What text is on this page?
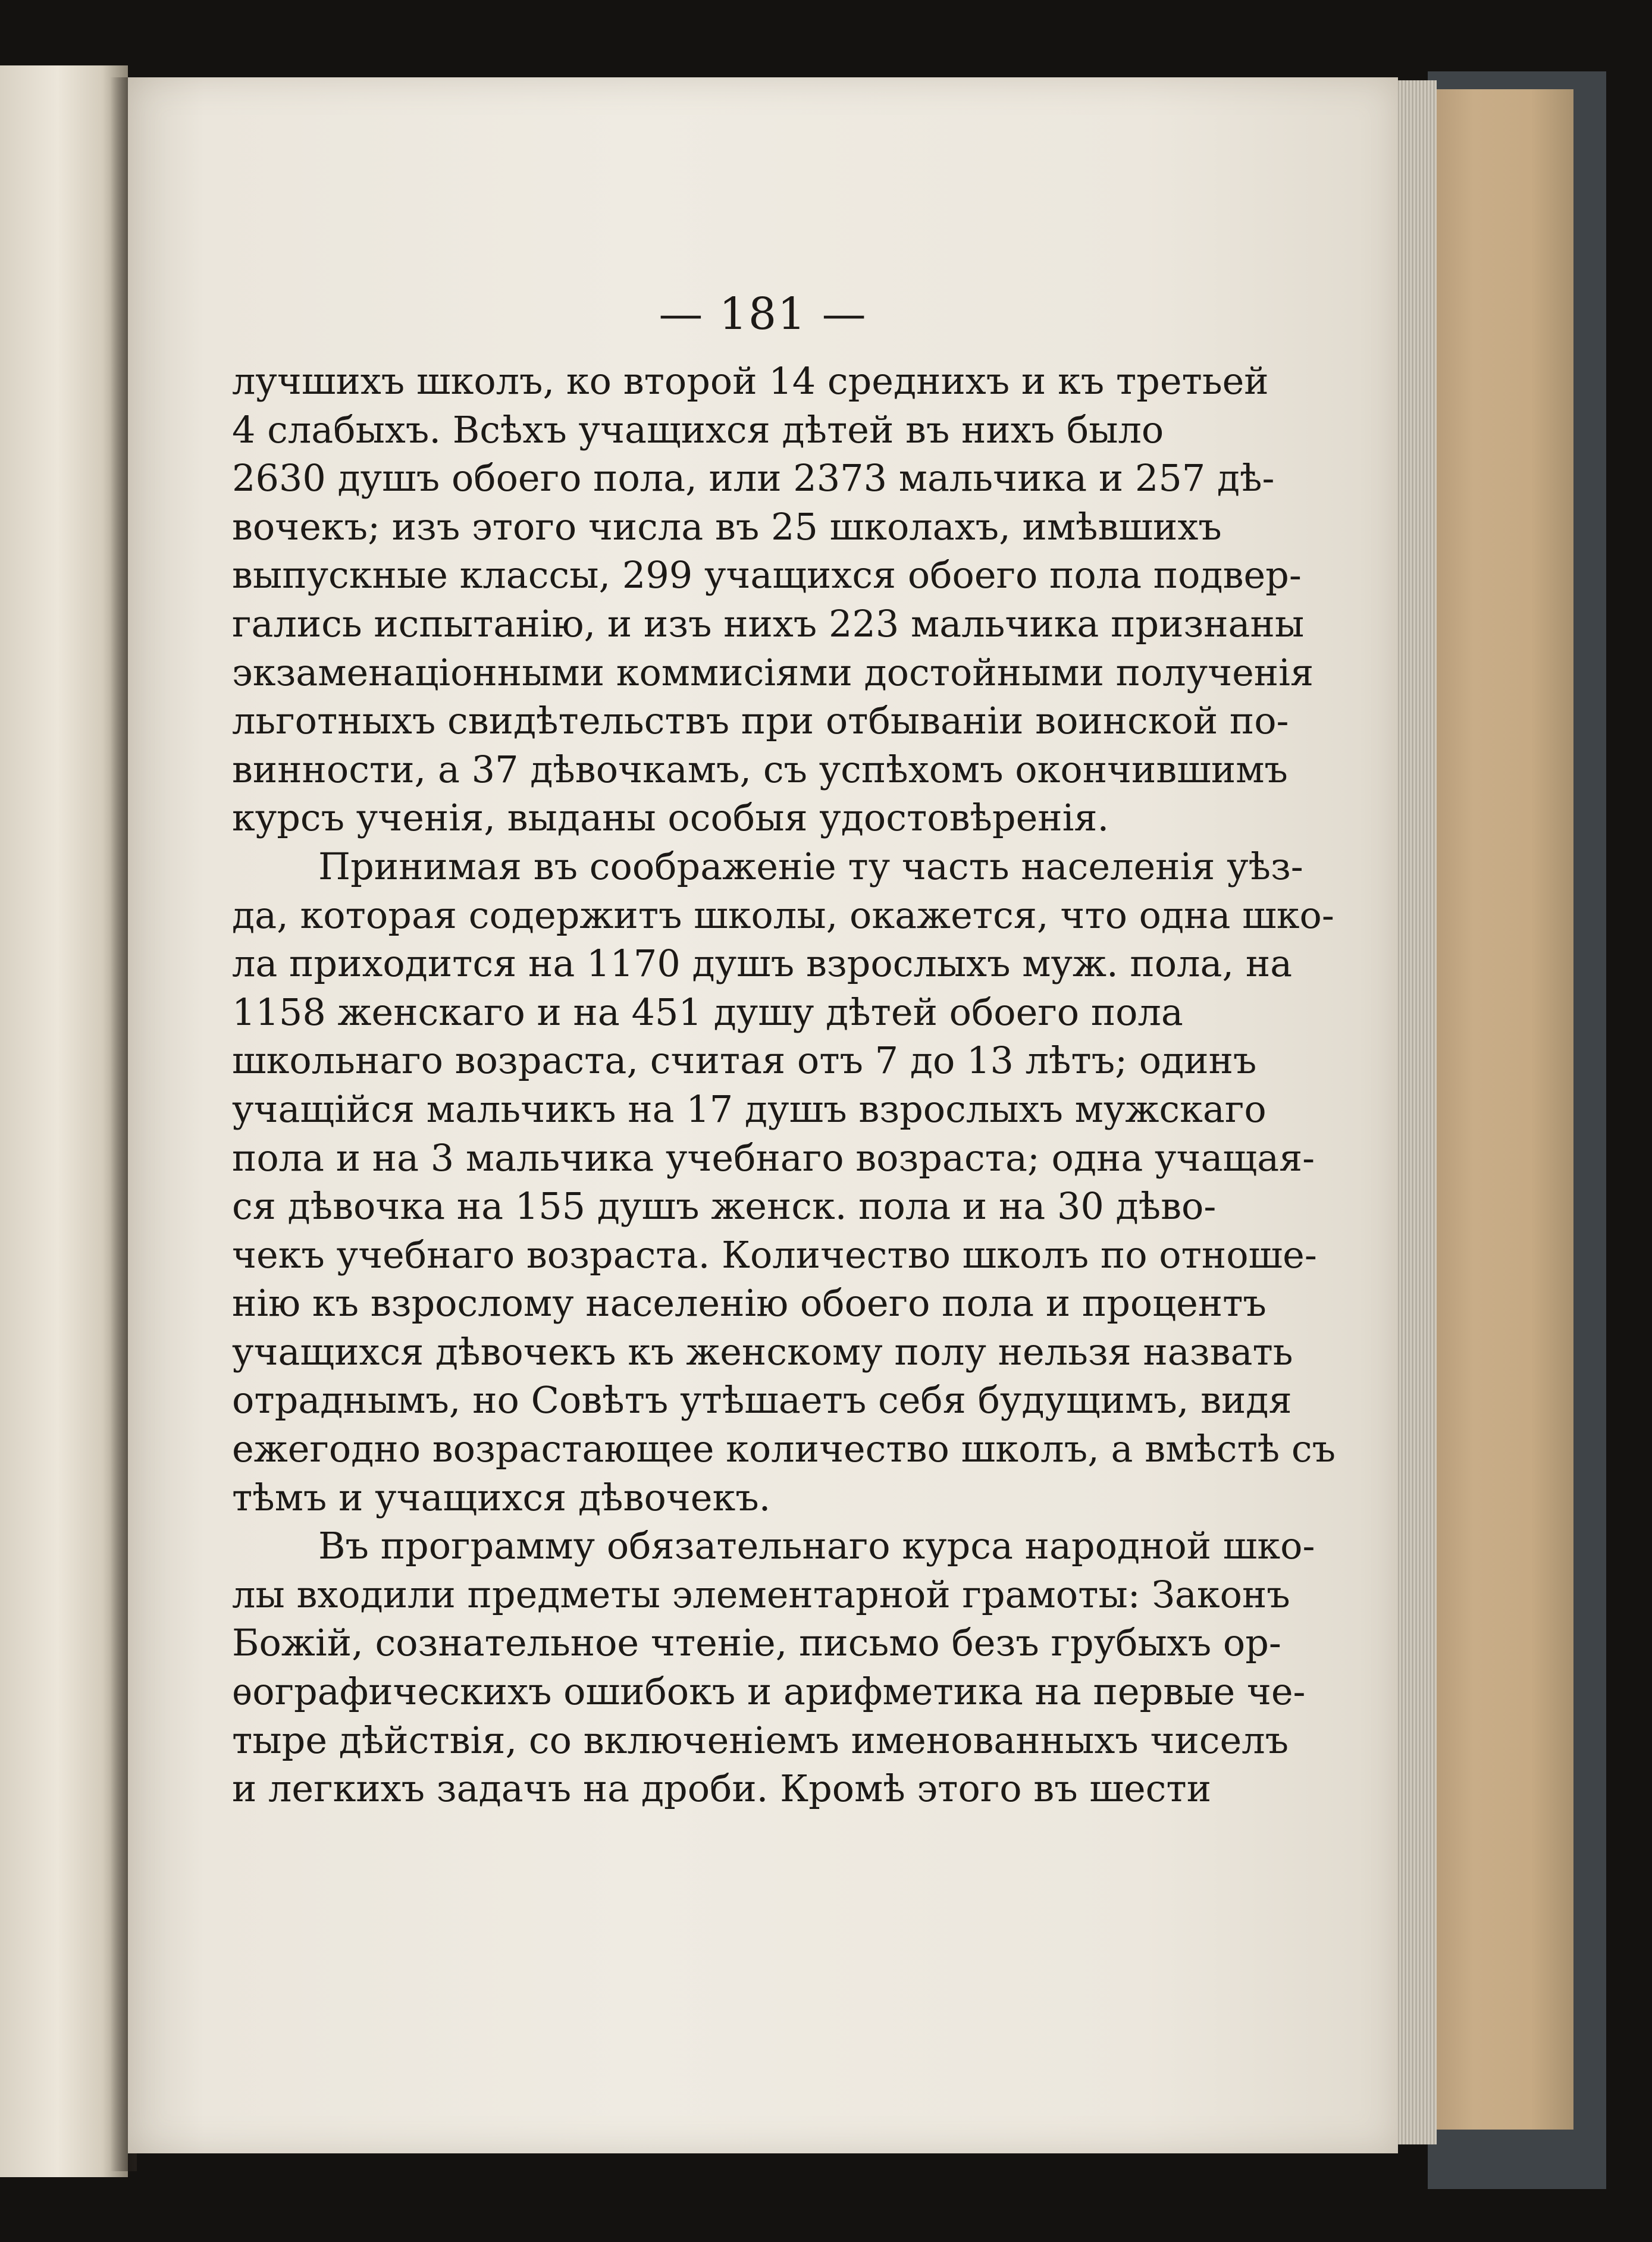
— 181 —
лучшихъ школъ, ко второй 14 среднихъ и къ третьей
4 слабыхъ. Всѣхъ учащихся дѣтей въ нихъ было
2630 душъ обоего пола, или 2373 мальчика и 257 дѣ-
вочекъ; изъ этого числа въ 25 школахъ, имѣвшихъ
выпускные классы, 299 учащихся обоего пола подвер-
гались испытанію, и изъ нихъ 223 мальчика признаны
экзаменаціонными коммисіями достойными полученія
льготныхъ свидѣтельствъ при отбываніи воинской по-
винности, а 37 дѣвочкамъ, съ успѣхомъ окончившимъ
курсъ ученія, выданы особыя удостовѣренія.
Принимая въ соображеніе ту часть населенія уѣз-
да, которая содержитъ школы, окажется, что одна шко-
ла приходится на 1170 душъ взрослыхъ муж. пола, на
1158 женскаго и на 451 душу дѣтей обоего пола
школьнаго возраста, считая отъ 7 до 13 лѣтъ; одинъ
учащійся мальчикъ на 17 душъ взрослыхъ мужскаго
пола и на 3 мальчика учебнаго возраста; одна учащая-
ся дѣвочка на 155 душъ женск. пола и на 30 дѣво-
чекъ учебнаго возраста. Количество школъ по отноше-
нію къ взрослому населенію обоего пола и процентъ
учащихся дѣвочекъ къ женскому полу нельзя назвать
отраднымъ, но Совѣтъ утѣшаетъ себя будущимъ, видя
ежегодно возрастающее количество школъ, а вмѣстѣ съ
тѣмъ и учащихся дѣвочекъ.
Въ программу обязательнаго курса народной шко-
лы входили предметы элементарной грамоты: Законъ
Божій, сознательное чтеніе, письмо безъ грубыхъ ор-
ѳографическихъ ошибокъ и арифметика на первые че-
тыре дѣйствія, со включеніемъ именованныхъ чиселъ
и легкихъ задачъ на дроби. Кромѣ этого въ шести
